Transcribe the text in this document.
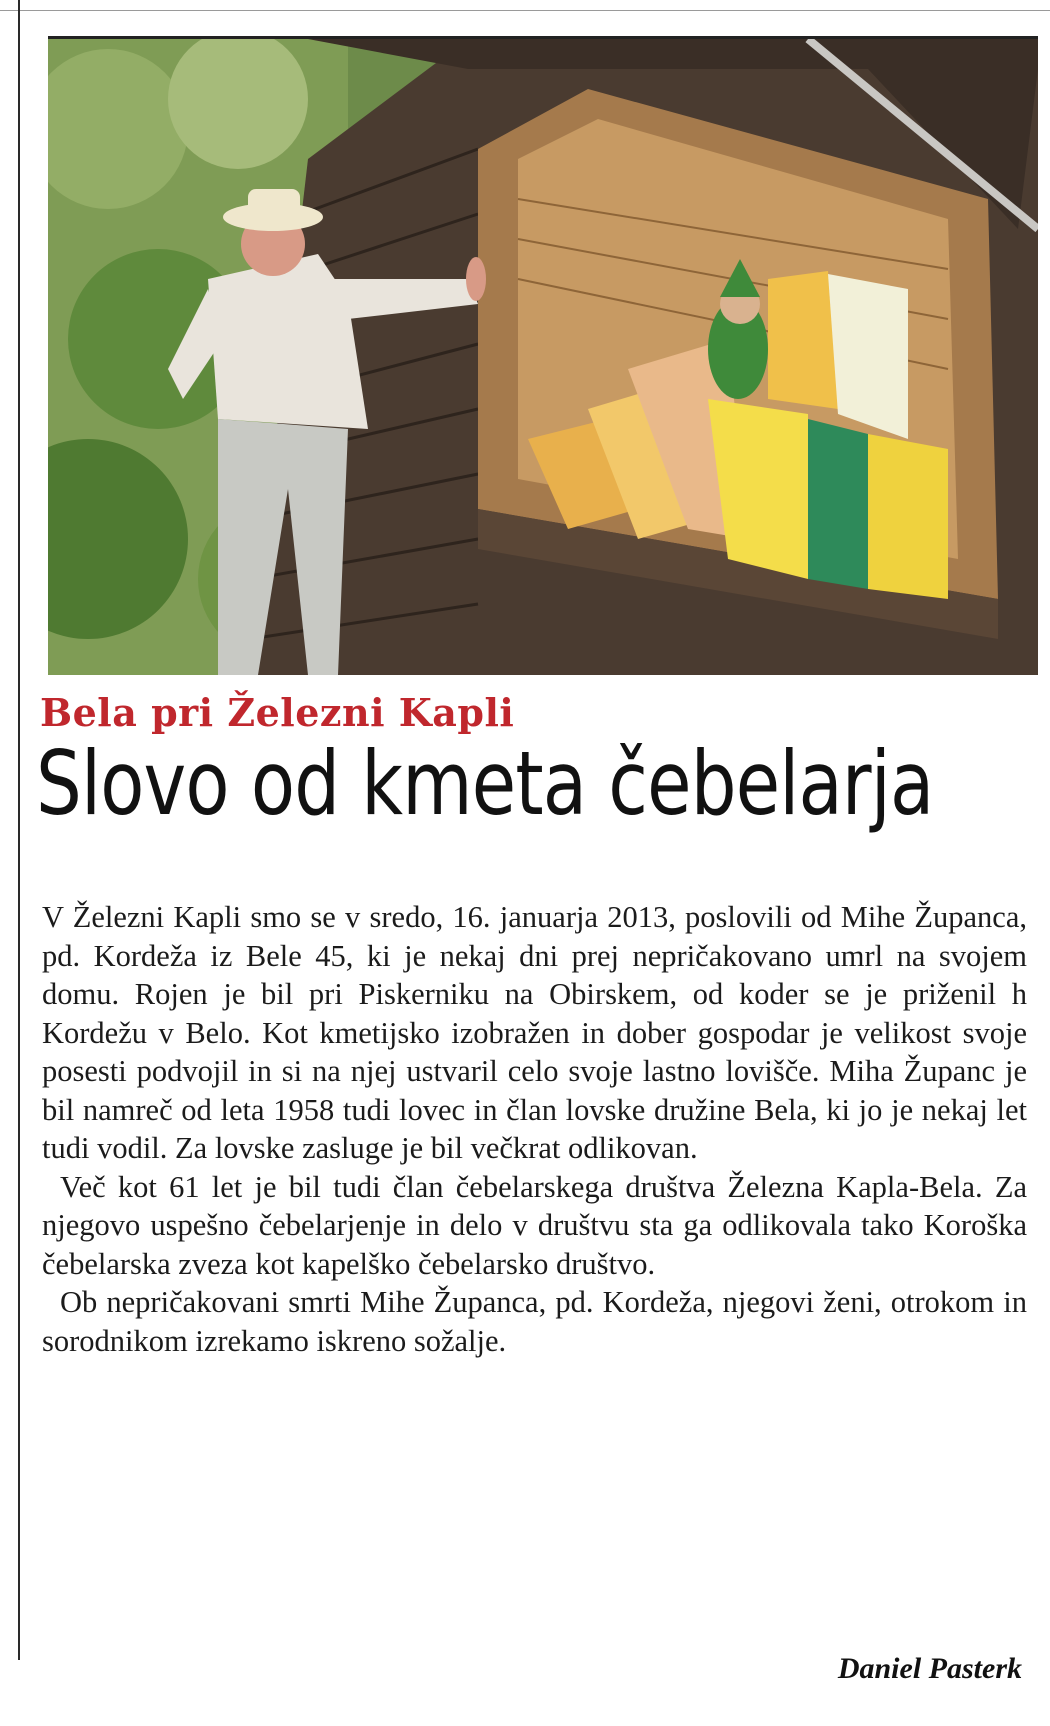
Bela pri Železni Kapli
Slovo od kmeta čebelarja

V Železni Kapli smo se v sredo, 16. januarja 2013, poslovili od Mihe Županca, pd. Kordeža iz Bele 45, ki je nekaj dni prej nepričakovano umrl na svojem domu. Rojen je bil pri Piskerniku na Obirskem, od koder se je priženil h Kordežu v Belo. Kot kmetijsko izobražen in dober gospodar je velikost svoje posesti podvojil in si na njej ustvaril celo svoje lastno lovišče. Miha Županc je bil namreč od leta 1958 tudi lovec in član lovske družine Bela, ki jo je nekaj let tudi vodil. Za lovske zasluge je bil večkrat odlikovan.

Več kot 61 let je bil tudi član čebelarskega društva Železna Kapla-Bela. Za njegovo uspešno čebelarjenje in delo v društvu sta ga odlikovala tako Koroška čebelarska zveza kot kapelško čebelarsko društvo.

Ob nepričakovani smrti Mihe Županca, pd. Kordeža, njegovi ženi, otrokom in sorodnikom izrekamo iskreno sožalje.

Daniel Pasterk
